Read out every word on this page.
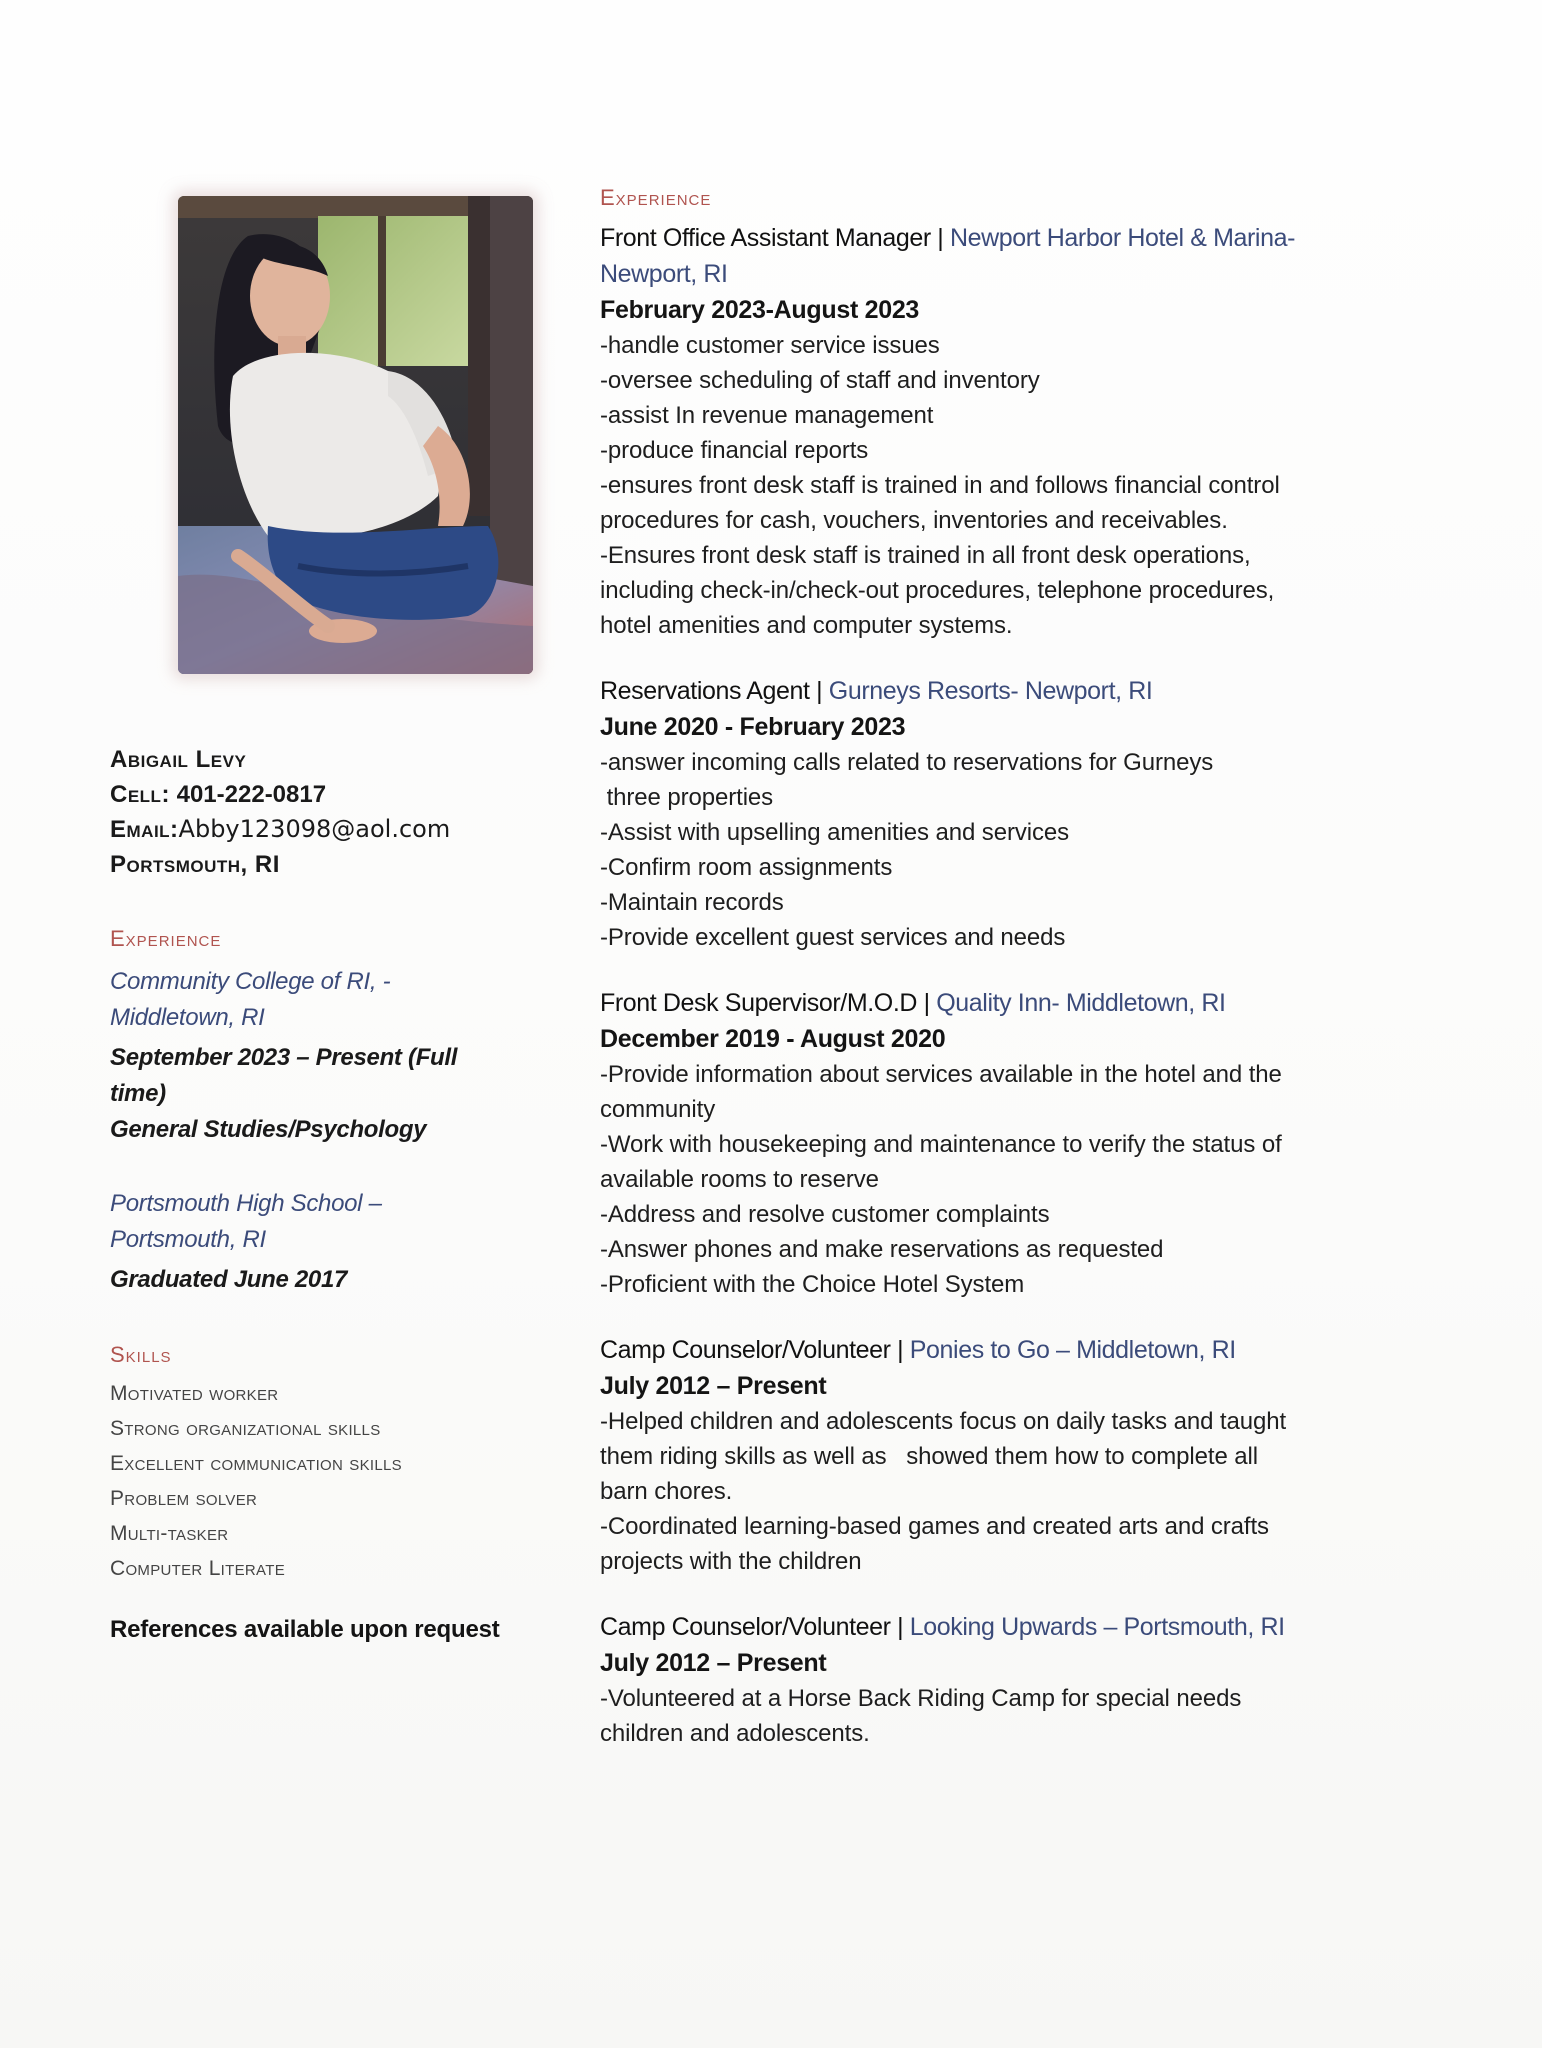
Abigail Levy
Cell: 401-222-0817
Email:Abby123098@aol.com
Portsmouth, RI
Experience
Community College of RI, -
Middletown, RI
September 2023 – Present (Full
time)
General Studies/Psychology
Portsmouth High School –
Portsmouth, RI
Graduated June 2017
Skills
Motivated worker
Strong organizational skills
Excellent communication skills
Problem solver
Multi-tasker
Computer Literate
References available upon request
Experience
Front Office Assistant Manager | Newport Harbor Hotel & Marina-
Newport, RI
February 2023-August 2023
-handle customer service issues
-oversee scheduling of staff and inventory
-assist In revenue management
-produce financial reports
-ensures front desk staff is trained in and follows financial control
procedures for cash, vouchers, inventories and receivables.
-Ensures front desk staff is trained in all front desk operations,
including check-in/check-out procedures, telephone procedures,
hotel amenities and computer systems.
Reservations Agent | Gurneys Resorts- Newport, RI
June 2020 - February 2023
-answer incoming calls related to reservations for Gurneys
three properties
-Assist with upselling amenities and services
-Confirm room assignments
-Maintain records
-Provide excellent guest services and needs
Front Desk Supervisor/M.O.D | Quality Inn- Middletown, RI
December 2019 - August 2020
-Provide information about services available in the hotel and the
community
-Work with housekeeping and maintenance to verify the status of
available rooms to reserve
-Address and resolve customer complaints
-Answer phones and make reservations as requested
-Proficient with the Choice Hotel System
Camp Counselor/Volunteer | Ponies to Go – Middletown, RI
July 2012 – Present
-Helped children and adolescents focus on daily tasks and taught
them riding skills as well as   showed them how to complete all
barn chores.
-Coordinated learning-based games and created arts and crafts
projects with the children
Camp Counselor/Volunteer | Looking Upwards – Portsmouth, RI
July 2012 – Present
-Volunteered at a Horse Back Riding Camp for special needs
children and adolescents.
